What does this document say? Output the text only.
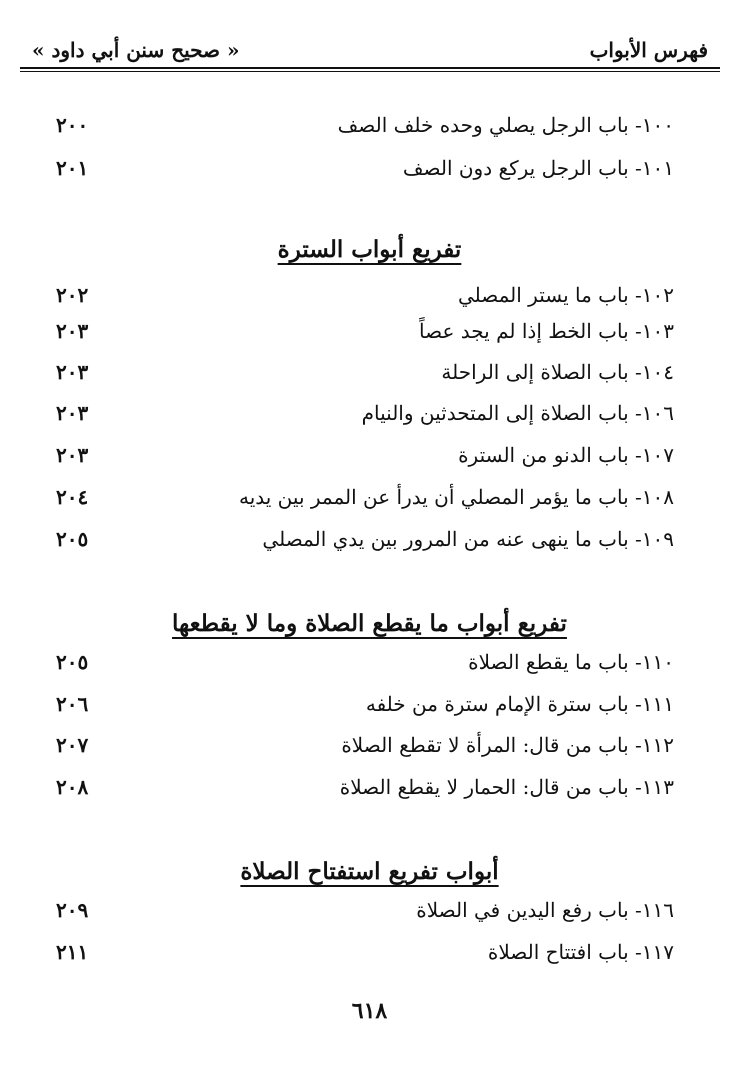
فهرس الأبواب
« صحيح سنن أبي داود »
١٠٠- باب الرجل يصلي وحده خلف الصف
٢٠٠
١٠١- باب الرجل يركع دون الصف
٢٠١
تفريع أبواب السترة
١٠٢- باب ما يستر المصلي
٢٠٢
١٠٣- باب الخط إذا لم يجد عصاً
٢٠٣
١٠٤- باب الصلاة إلى الراحلة
٢٠٣
١٠٦- باب الصلاة إلى المتحدثين والنيام
٢٠٣
١٠٧- باب الدنو من السترة
٢٠٣
١٠٨- باب ما يؤمر المصلي أن يدرأ عن الممر بين يديه
٢٠٤
١٠٩- باب ما ينهى عنه من المرور بين يدي المصلي
٢٠٥
تفريع أبواب ما يقطع الصلاة وما لا يقطعها
١١٠- باب ما يقطع الصلاة
٢٠٥
١١١- باب سترة الإمام سترة من خلفه
٢٠٦
١١٢- باب من قال: المرأة لا تقطع الصلاة
٢٠٧
١١٣- باب من قال: الحمار لا يقطع الصلاة
٢٠٨
أبواب تفريع استفتاح الصلاة
١١٦- باب رفع اليدين في الصلاة
٢٠٩
١١٧- باب افتتاح الصلاة
٢١١
٦١٨
